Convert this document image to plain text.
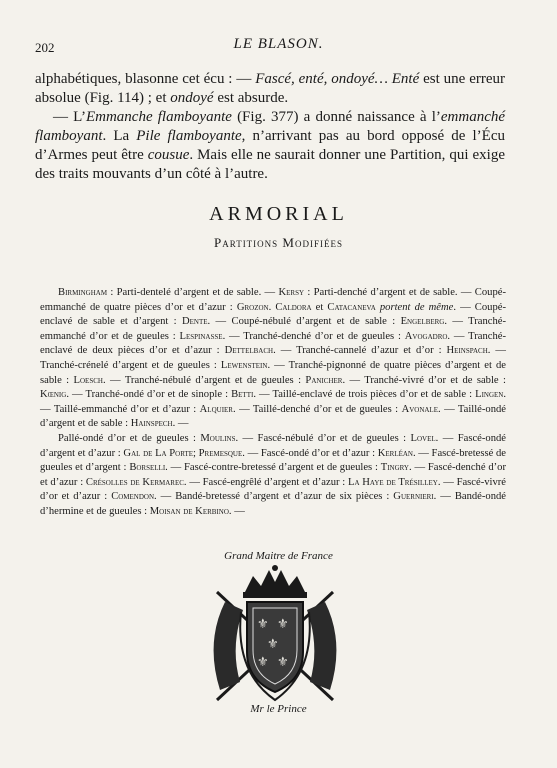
202	LE BLASON.

alphabétiques, blasonne cet écu : — Fascé, enté, ondoyé… Enté est une erreur absolue (Fig. 114) ; et ondoyé est absurde.

— L’Emmanche flamboyante (Fig. 377) a donné naissance à l’emmanché flamboyant. La Pile flamboyante, n’arrivant pas au bord opposé de l’Écu d’Armes peut être cousue. Mais elle ne saurait donner une Partition, qui exige des traits mouvants d’un côté à l’autre.

ARMORIAL
Partitions Modifiées

Birmingham : Parti-dentelé d’argent et de sable. — Kersy : Parti-denché d’argent et de sable. — Coupé-emmanché de quatre pièces d’or et d’azur : Grozon. Caldora et Catacaneva portent de même. — Coupé-enclavé de sable et d’argent : Dente. — Coupé-nébulé d’argent et de sable : Engelberg. — Tranché-emmanché d’or et de gueules : Lespinasse. — Tranché-denché d’or et de gueules : Avogadro. — Tranché-enclavé de deux pièces d’or et d’azur : Dettelbach. — Tranché-cannelé d’azur et d’or : Heinspach. — Tranché-crénelé d’argent et de gueules : Lewenstein. — Tranché-pignonné de quatre pièces d’argent et de sable : Loesch. — Tranché-nébulé d’argent et de gueules : Panicher. — Tranché-vivré d’or et de sable : Kœnig. — Tranché-ondé d’or et de sinople : Betti. — Taillé-enclavé de trois pièces d’or et de sable : Lingen. — Taillé-emmanché d’or et d’azur : Alquier. — Taillé-denché d’or et de gueules : Avonale. — Taillé-ondé d’argent et de sable : Hainspech. —

Pallé-ondé d’or et de gueules : Moulins. — Fascé-nébulé d’or et de gueules : Lovel. — Fascé-ondé d’argent et d’azur : Gal de La Porte; Premesque. — Fascé-ondé d’or et d’azur : Kerléan. — Fascé-bretessé de gueules et d’argent : Borselli. — Fascé-contre-bretessé d’argent et de gueules : Tingry. — Fascé-denché d’or et d’azur : Crésolles de Kermarec. — Fascé-engrêlé d’argent et d’azur : La Haye de Trésilley. — Fascé-vivré d’or et d’azur : Comendon. — Bandé-bretessé d’argent et d’azur de six pièces : Guernieri. — Bandé-ondé d’hermine et de gueules : Moisan de Kerbino. —

Grand Maitre de France
⚜ ⚜
⚜
⚜ ⚜
Mr le Prince
